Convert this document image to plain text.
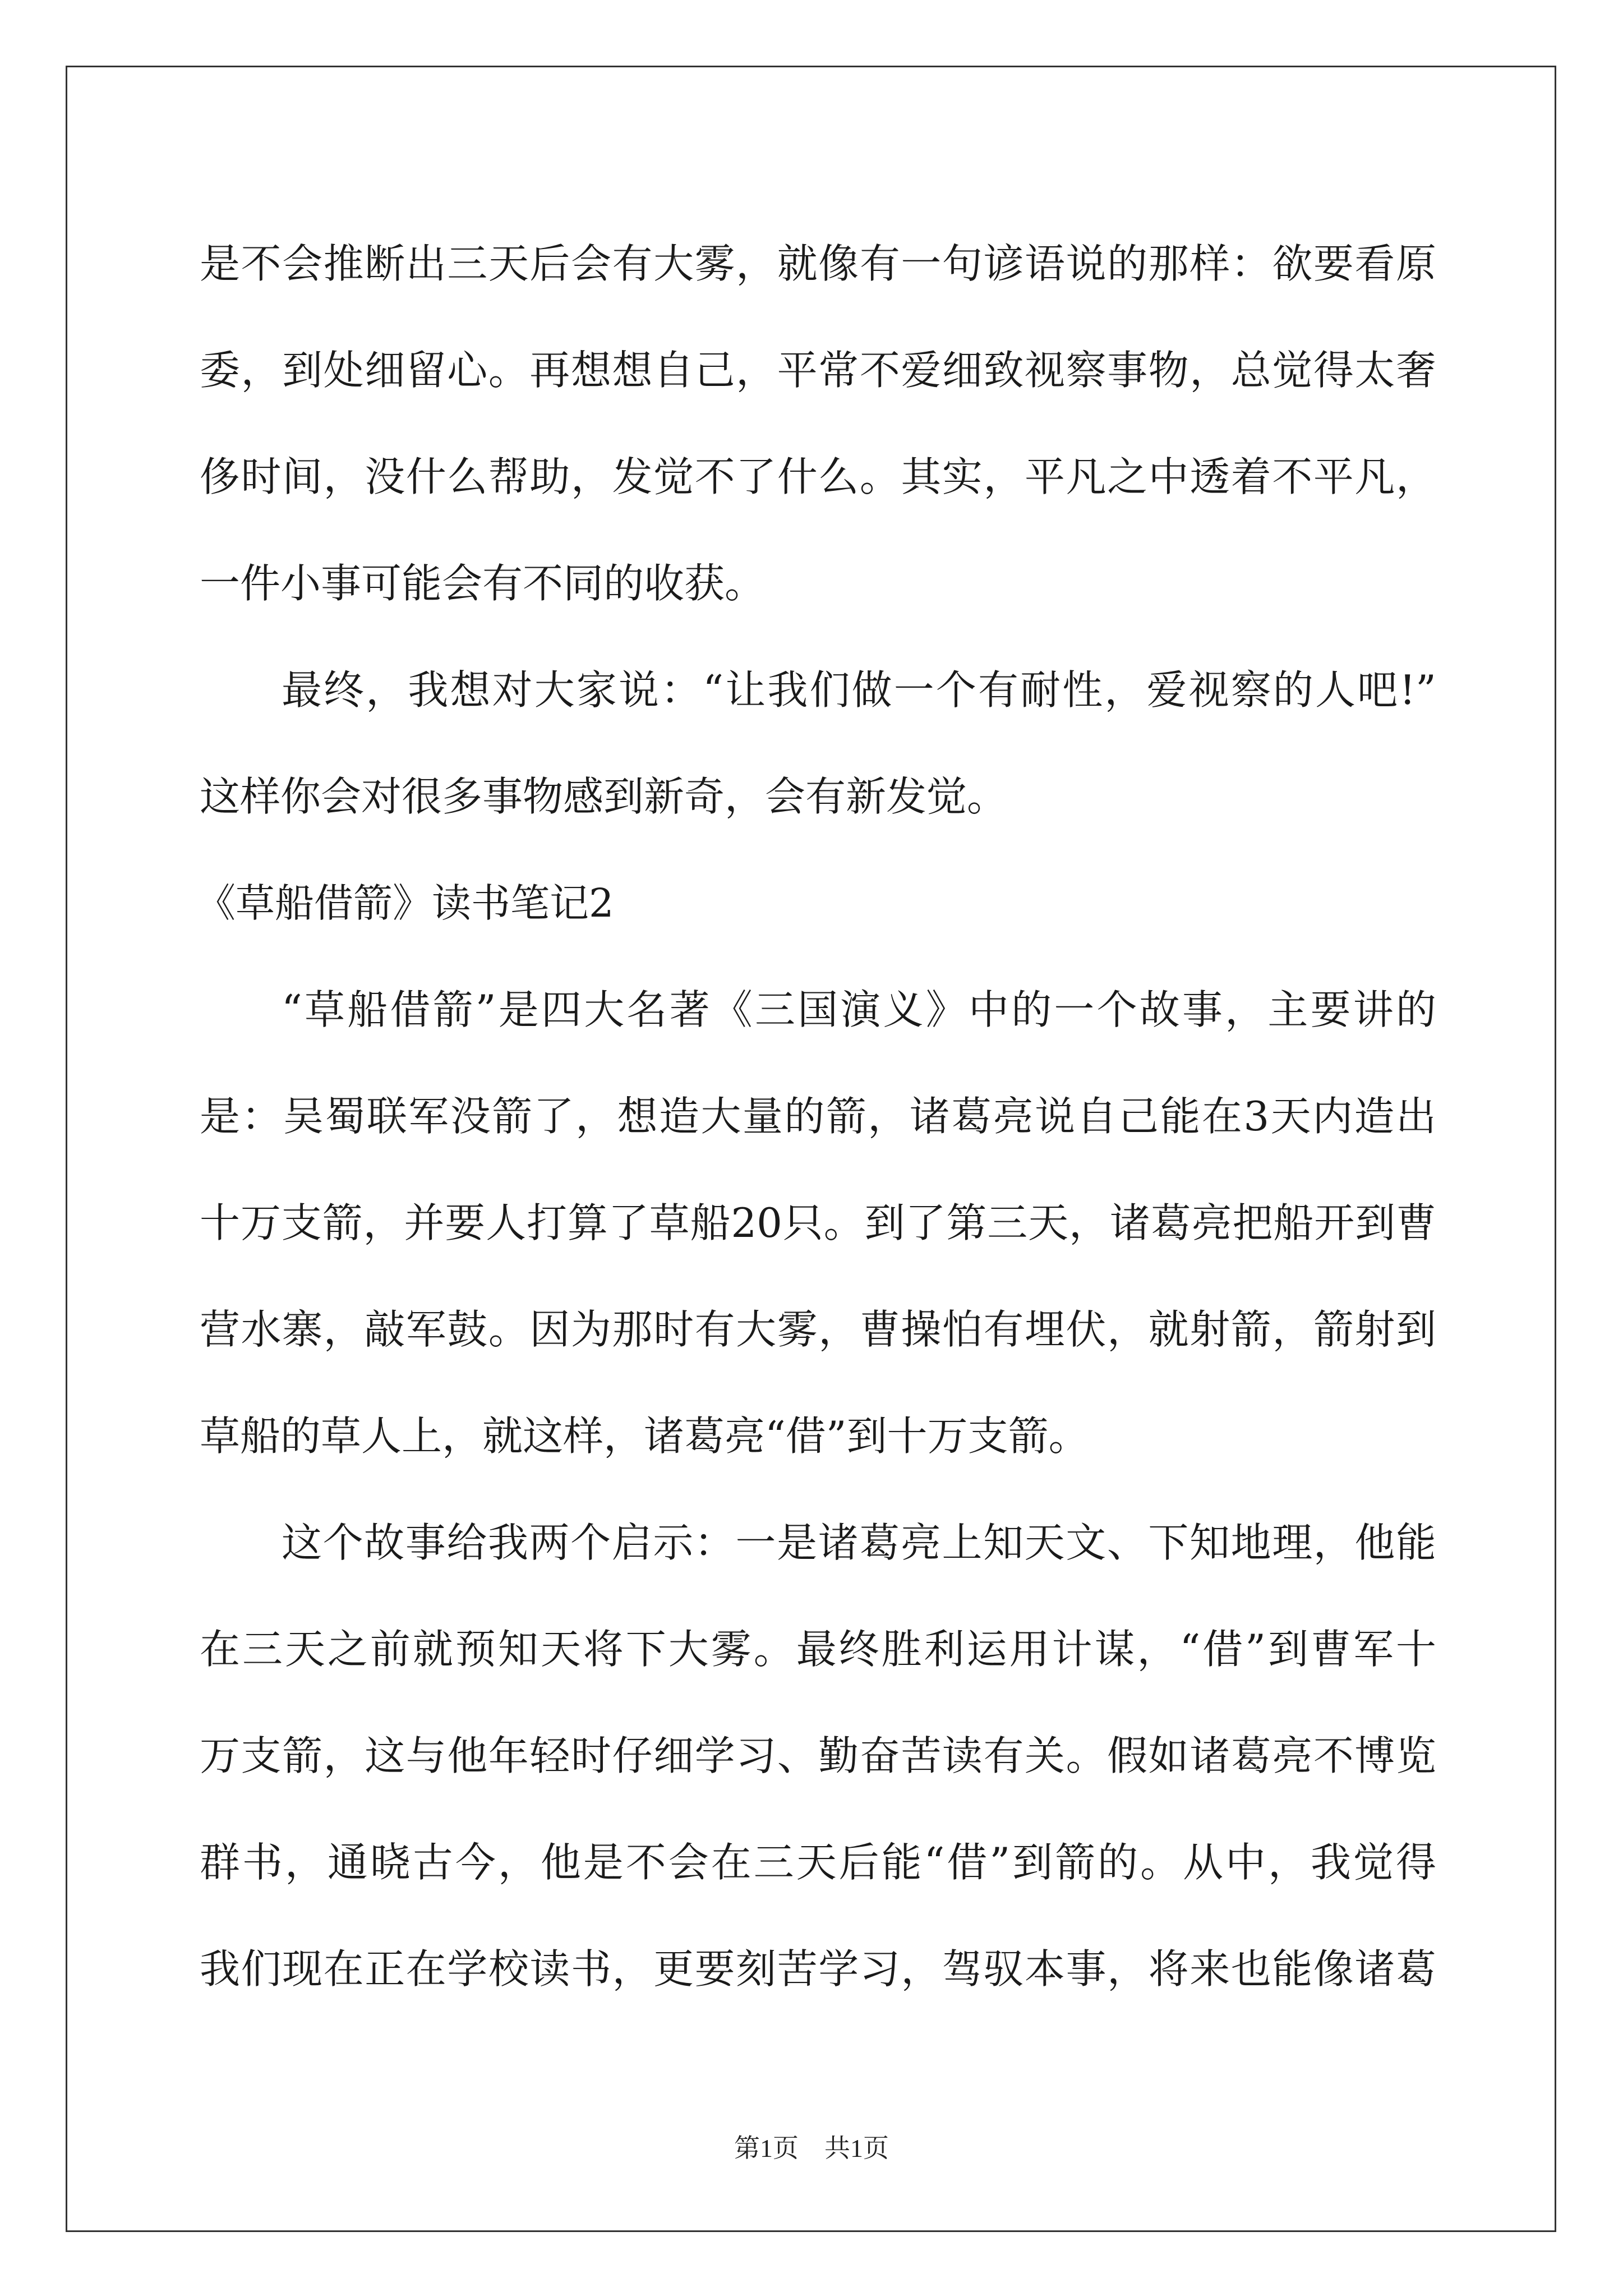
是不会推断出三天后会有大雾，就像有一句谚语说的那样：欲要看原
委，到处细留心。再想想自己，平常不爱细致视察事物，总觉得太奢
侈时间，没什么帮助，发觉不了什么。其实，平凡之中透着不平凡，
一件小事可能会有不同的收获。
最终，我想对大家说：“让我们做一个有耐性，爱视察的人吧!”
这样你会对很多事物感到新奇，会有新发觉。
《草船借箭》读书笔记2
“草船借箭”是四大名著《三国演义》中的一个故事，主要讲的
是：吴蜀联军没箭了，想造大量的箭，诸葛亮说自己能在3天内造出
十万支箭，并要人打算了草船20只。到了第三天，诸葛亮把船开到曹
营水寨，敲军鼓。因为那时有大雾，曹操怕有埋伏，就射箭，箭射到
草船的草人上，就这样，诸葛亮“借”到十万支箭。
这个故事给我两个启示：一是诸葛亮上知天文、下知地理，他能
在三天之前就预知天将下大雾。最终胜利运用计谋，“借”到曹军十
万支箭，这与他年轻时仔细学习、勤奋苦读有关。假如诸葛亮不博览
群书，通晓古今，他是不会在三天后能“借”到箭的。从中，我觉得
我们现在正在学校读书，更要刻苦学习，驾驭本事，将来也能像诸葛
第1页　共1页
